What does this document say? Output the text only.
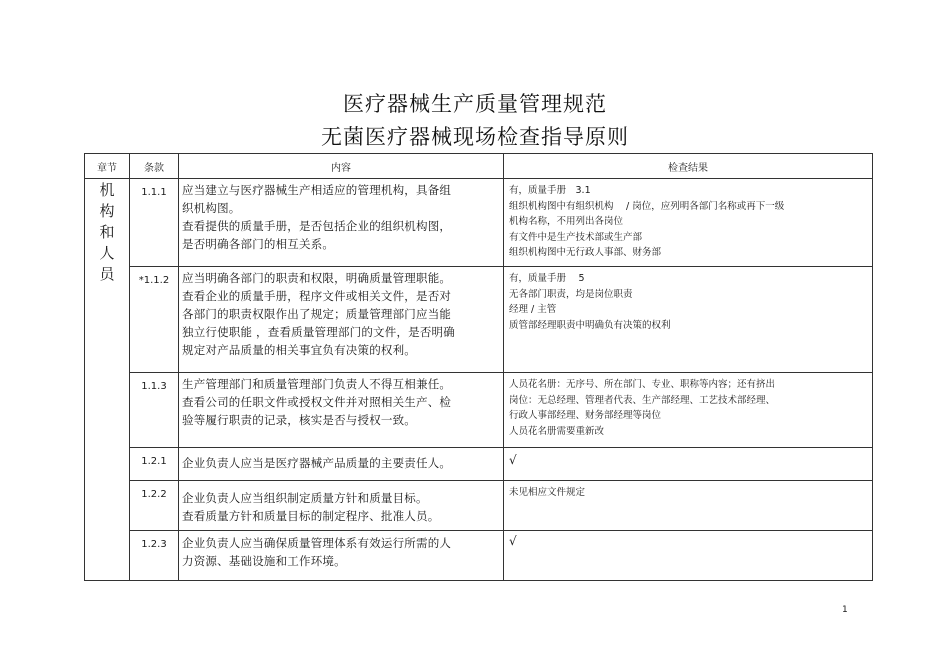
医疗器械生产质量管理规范
无菌医疗器械现场检查指导原则
章节	条款	内容	检查结果
机构和人员	1.1.1	应当建立与医疗器械生产相适应的管理机构，具备组
织机构图。
查看提供的质量手册，是否包括企业的组织机构图，
是否明确各部门的相互关系。	有，质量手册　3.1
组织机构图中有组织机构　 / 岗位，应列明各部门名称或再下一级
机构名称，不用列出各岗位
有文件中是生产技术部或生产部
组织机构图中无行政人事部、财务部

	*1.1.2	应当明确各部门的职责和权限，明确质量管理职能。
查看企业的质量手册，程序文件或相关文件，是否对
各部门的职责权限作出了规定；质量管理部门应当能
独立行使职能 ，查看质量管理部门的文件，是否明确
规定对产品质量的相关事宜负有决策的权利。	有，质量手册　 5
无各部门职责，均是岗位职责
经理 / 主管
质管部经理职责中明确负有决策的权利

	1.1.3	生产管理部门和质量管理部门负责人不得互相兼任。
查看公司的任职文件或授权文件并对照相关生产、检
验等履行职责的记录，核实是否与授权一致。	人员花名册：无序号、所在部门、专业、职称等内容；还有挤出
岗位：无总经理、管理者代表、生产部经理、工艺技术部经理、
行政人事部经理、财务部经理等岗位
人员花名册需要重新改

	1.2.1	企业负责人应当是医疗器械产品质量的主要责任人。	√

	1.2.2	企业负责人应当组织制定质量方针和质量目标。
查看质量方针和质量目标的制定程序、批准人员。	未见相应文件规定

	1.2.3	企业负责人应当确保质量管理体系有效运行所需的人
力资源、基础设施和工作环境。	√
1
